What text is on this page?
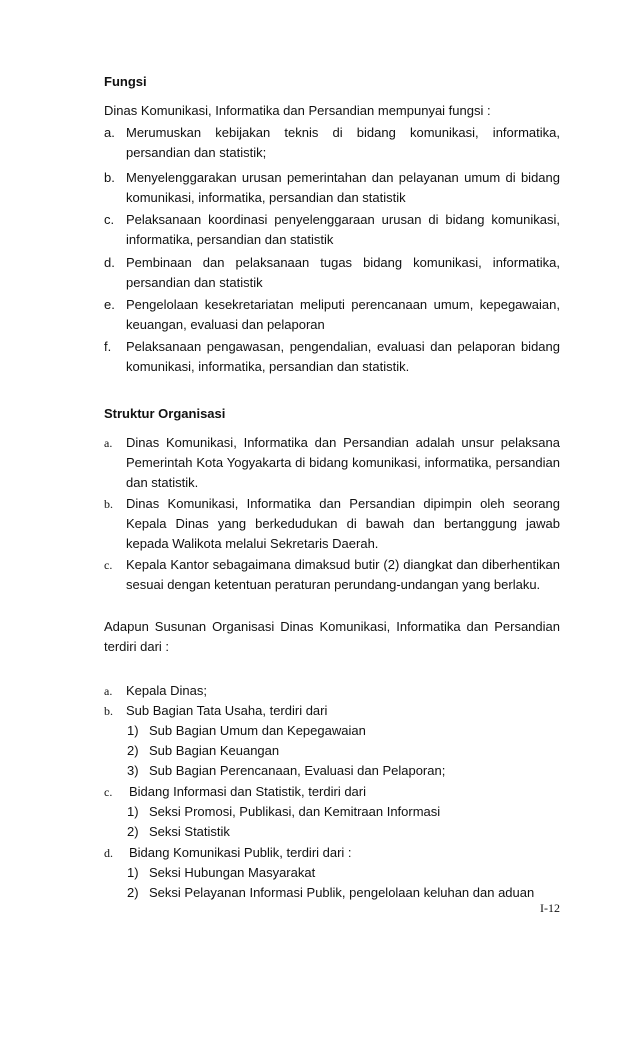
Fungsi
Dinas Komunikasi, Informatika dan Persandian mempunyai fungsi :
a. Merumuskan kebijakan teknis di bidang komunikasi, informatika, persandian dan statistik;
b. Menyelenggarakan urusan pemerintahan dan pelayanan umum di bidang komunikasi, informatika, persandian dan statistik
c. Pelaksanaan koordinasi penyelenggaraan urusan di bidang komunikasi, informatika, persandian dan statistik
d. Pembinaan dan pelaksanaan tugas bidang komunikasi, informatika, persandian dan statistik
e. Pengelolaan kesekretariatan meliputi perencanaan umum, kepegawaian, keuangan, evaluasi dan pelaporan
f.	Pelaksanaan pengawasan, pengendalian, evaluasi dan pelaporan bidang komunikasi, informatika, persandian dan statistik.
Struktur Organisasi
a.	Dinas Komunikasi, Informatika dan Persandian adalah unsur pelaksana Pemerintah Kota Yogyakarta di bidang komunikasi, informatika, persandian dan statistik.
b.	Dinas Komunikasi, Informatika dan Persandian dipimpin oleh seorang Kepala Dinas yang berkedudukan di bawah dan bertanggung jawab kepada Walikota melalui Sekretaris Daerah.
c.	Kepala Kantor sebagaimana dimaksud butir (2) diangkat dan diberhentikan sesuai dengan ketentuan peraturan perundang-undangan yang berlaku.
Adapun Susunan Organisasi Dinas Komunikasi, Informatika dan Persandian terdiri dari :
a.	Kepala Dinas;
b.	Sub Bagian Tata Usaha, terdiri dari
1) Sub Bagian Umum dan Kepegawaian
2) Sub Bagian Keuangan
3) Sub Bagian Perencanaan, Evaluasi dan Pelaporan;
c.	Bidang Informasi dan Statistik, terdiri dari
1) Seksi Promosi, Publikasi, dan Kemitraan Informasi
2) Seksi Statistik
d.	Bidang Komunikasi Publik, terdiri dari :
1) Seksi Hubungan Masyarakat
2) Seksi Pelayanan Informasi Publik, pengelolaan keluhan dan aduan
I-12
